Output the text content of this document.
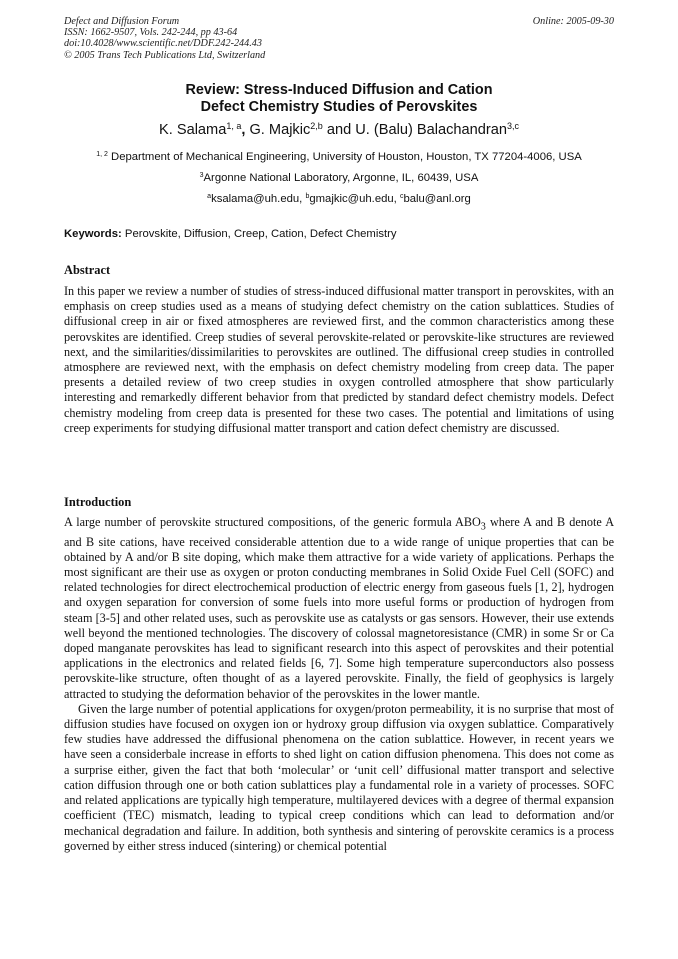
Defect and Diffusion Forum
ISSN: 1662-9507, Vols. 242-244, pp 43-64
doi:10.4028/www.scientific.net/DDF.242-244.43
© 2005 Trans Tech Publications Ltd, Switzerland
Online: 2005-09-30
Review: Stress-Induced Diffusion and Cation
Defect Chemistry Studies of Perovskites
K. Salama$^{1, a}$, G. Majkic$^{2,b}$ and U. (Balu) Balachandran$^{3,c}$
$^{1, 2}$ Department of Mechanical Engineering, University of Houston, Houston, TX 77204-4006, USA
$^3$Argonne National Laboratory, Argonne, IL, 60439, USA
$^a$ksalama@uh.edu, $^b$gmajkic@uh.edu, $^c$balu@anl.org
Keywords: Perovskite, Diffusion, Creep, Cation, Defect Chemistry
Abstract

In this paper we review a number of studies of stress-induced diffusional matter transport in perovskites, with an emphasis on creep studies used as a means of studying defect chemistry on the cation sublattices. Studies of diffusional creep in air or fixed atmospheres are reviewed first, and the common characteristics among these perovskites are identified. Creep studies of several perovskite-related or perovskite-like structures are reviewed next, and the similarities/dissimilarities to perovskites are outlined. The diffusional creep studies in controlled atmosphere are reviewed next, with the emphasis on defect chemistry modeling from creep data. The paper presents a detailed review of two creep studies in oxygen controlled atmosphere that show particularly interesting and remarkedly different behavior from that predicted by standard defect chemistry models. Defect chemistry modeling from creep data is presented for these two cases. The potential and limitations of using creep experiments for studying diffusional matter transport and cation defect chemistry are discussed.

Introduction

A large number of perovskite structured compositions, of the generic formula $ABO_3$ where A and B denote A and B site cations, have received considerable attention due to a wide range of unique properties that can be obtained by A and/or B site doping, which make them attractive for a wide variety of applications. Perhaps the most significant are their use as oxygen or proton conducting membranes in Solid Oxide Fuel Cell (SOFC) and related technologies for direct electrochemical production of electric energy from gaseous fuels [1, 2], hydrogen and oxygen separation for conversion of some fuels into more useful forms or production of hydrogen from steam [3-5] and other related uses, such as perovskite use as catalysts or gas sensors. However, their use extends well beyond the mentioned technologies. The discovery of colossal magnetoresistance (CMR) in some Sr or Ca doped manganate perovskites has lead to significant research into this aspect of perovskites and their potential applications in the electronics and related fields [6, 7]. Some high temperature superconductors also possess perovskite-like structure, often thought of as a layered perovskite. Finally, the field of geophysics is largely attracted to studying the deformation behavior of the perovskites in the lower mantle.

Given the large number of potential applications for oxygen/proton permeability, it is no surprise that most of diffusion studies have focused on oxygen ion or hydroxy group diffusion via oxygen sublattice. Comparatively few studies have addressed the diffusional phenomena on the cation sublattice. However, in recent years we have seen a considerbale increase in efforts to shed light on cation diffusion phenomena. This does not come as a surprise either, given the fact that both ‘molecular’ or ‘unit cell’ diffusional matter transport and selective cation diffusion through one or both cation sublattices play a fundamental role in a variety of processes. SOFC and related applications are typically high temperature, multilayered devices with a degree of thermal expansion coefficient (TEC) mismatch, leading to typical creep conditions which can lead to deformation and/or mechanical degradation and failure. In addition, both synthesis and sintering of perovskite ceramics is a process governed by either stress induced (sintering) or chemical potential
